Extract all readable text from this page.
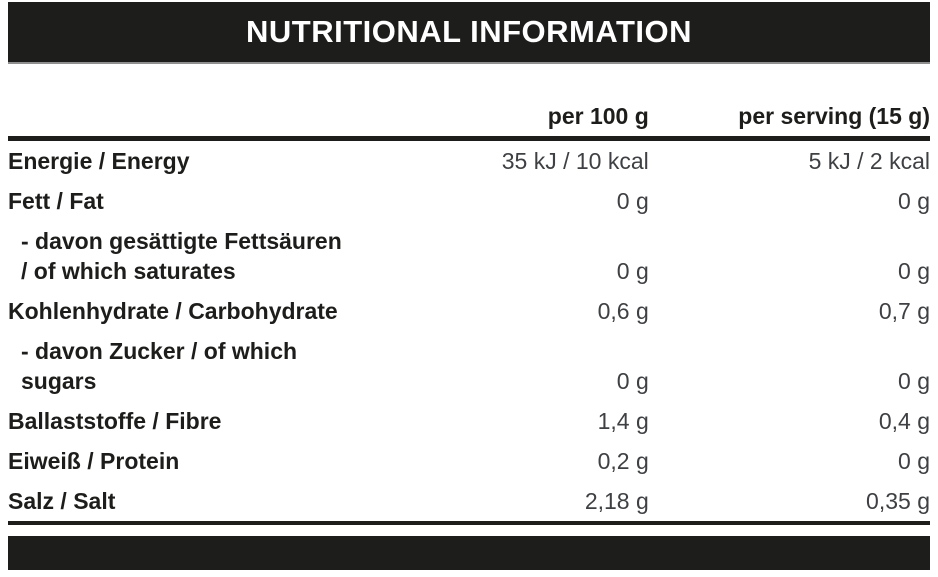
NUTRITIONAL INFORMATION
	per 100 g	per serving (15 g)
Energie / Energy	35 kJ / 10 kcal	5 kJ / 2 kcal
Fett / Fat	0 g	0 g

- davon gesättigte Fettsäuren
/ of which saturates	0 g	0 g
Kohlenhydrate / Carbohydrate	0,6 g	0,7 g

- davon Zucker / of which
sugars	0 g	0 g
Ballaststoffe / Fibre	1,4 g	0,4 g
Eiweiß / Protein	0,2 g	0 g
Salz / Salt	2,18 g	0,35 g
